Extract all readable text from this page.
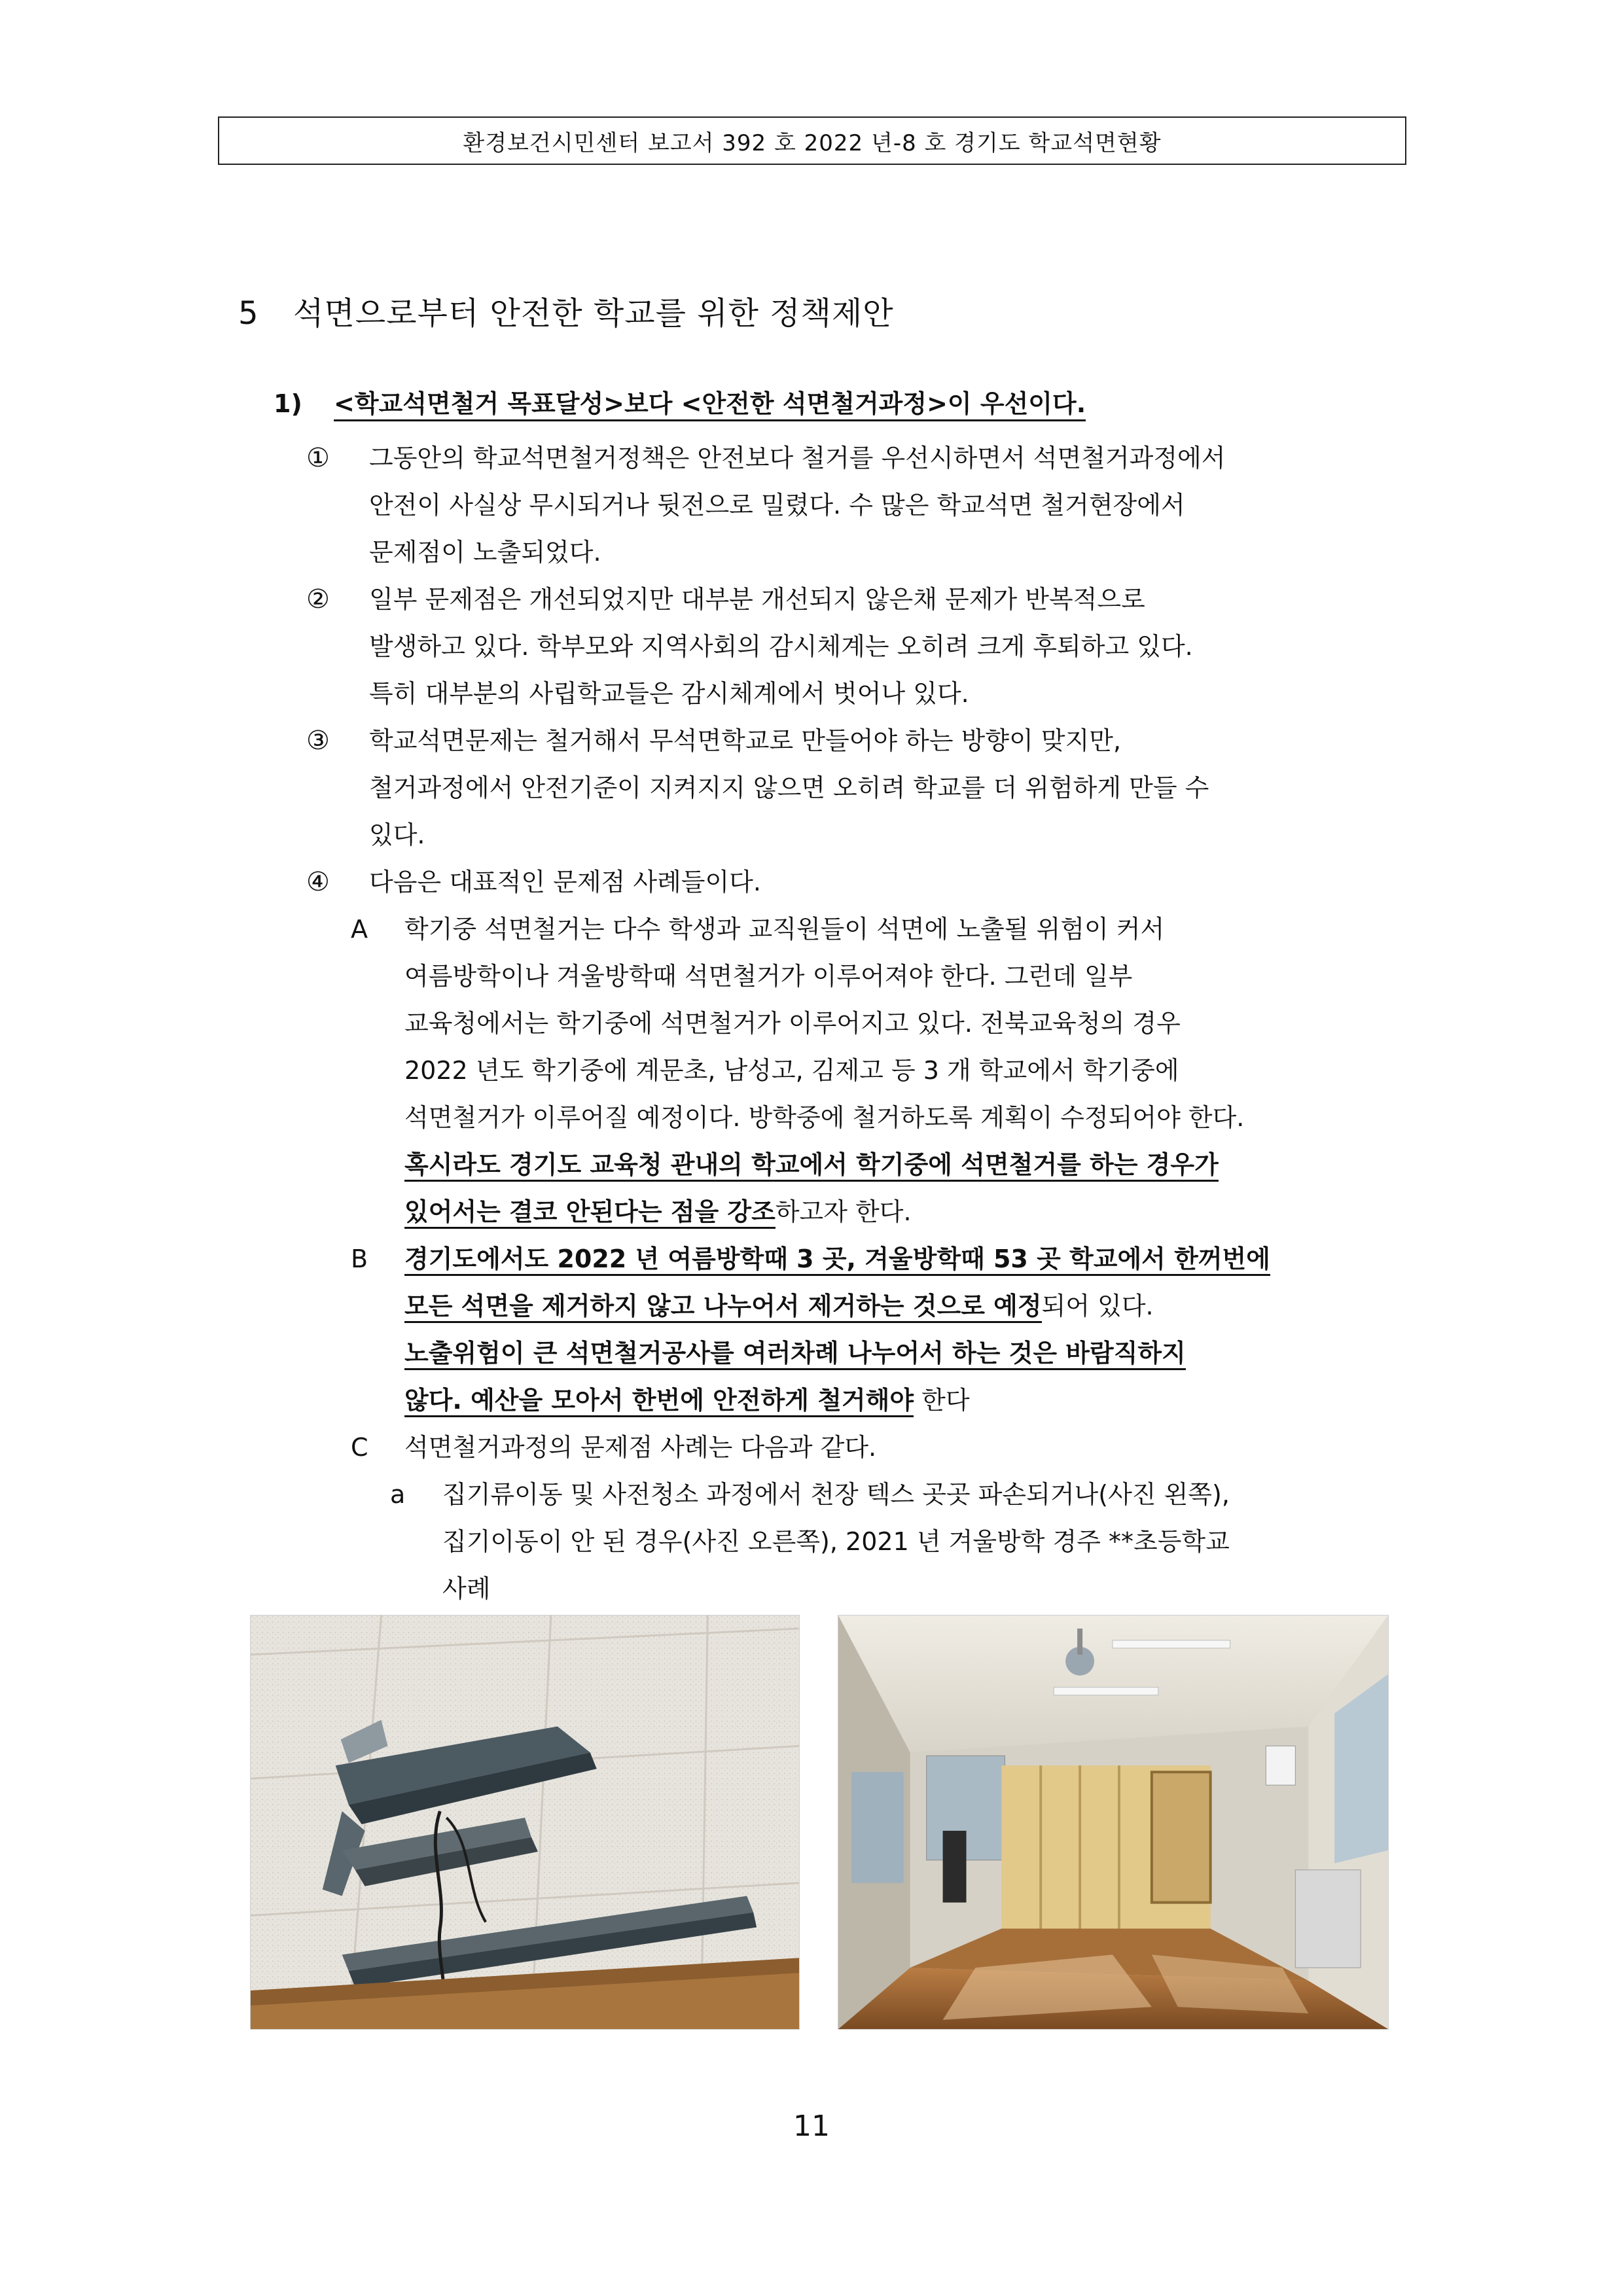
환경보건시민센터 보고서 392 호 2022 년-8 호 경기도 학교석면현황
5 석면으로부터 안전한 학교를 위한 정책제안
1) <학교석면철거 목표달성>보다 <안전한 석면철거과정>이 우선이다.
① 그동안의 학교석면철거정책은 안전보다 철거를 우선시하면서 석면철거과정에서
안전이 사실상 무시되거나 뒷전으로 밀렸다. 수 많은 학교석면 철거현장에서
문제점이 노출되었다.
② 일부 문제점은 개선되었지만 대부분 개선되지 않은채 문제가 반복적으로
발생하고 있다. 학부모와 지역사회의 감시체계는 오히려 크게 후퇴하고 있다.
특히 대부분의 사립학교들은 감시체계에서 벗어나 있다.
③ 학교석면문제는 철거해서 무석면학교로 만들어야 하는 방향이 맞지만,
철거과정에서 안전기준이 지켜지지 않으면 오히려 학교를 더 위험하게 만들 수
있다.
④ 다음은 대표적인 문제점 사례들이다.
A 학기중 석면철거는 다수 학생과 교직원들이 석면에 노출될 위험이 커서
여름방학이나 겨울방학때 석면철거가 이루어져야 한다. 그런데 일부
교육청에서는 학기중에 석면철거가 이루어지고 있다. 전북교육청의 경우
2022 년도 학기중에 계문초, 남성고, 김제고 등 3 개 학교에서 학기중에
석면철거가 이루어질 예정이다. 방학중에 철거하도록 계획이 수정되어야 한다.
혹시라도 경기도 교육청 관내의 학교에서 학기중에 석면철거를 하는 경우가
있어서는 결코 안된다는 점을 강조하고자 한다.
B 경기도에서도 2022 년 여름방학때 3 곳, 겨울방학때 53 곳 학교에서 한꺼번에
모든 석면을 제거하지 않고 나누어서 제거하는 것으로 예정되어 있다.
노출위험이 큰 석면철거공사를 여러차례 나누어서 하는 것은 바람직하지
않다. 예산을 모아서 한번에 안전하게 철거해야 한다
C 석면철거과정의 문제점 사례는 다음과 같다.
a 집기류이동 및 사전청소 과정에서 천장 텍스 곳곳 파손되거나(사진 왼쪽),
집기이동이 안 된 경우(사진 오른쪽), 2021 년 겨울방학 경주 **초등학교
사례
11
